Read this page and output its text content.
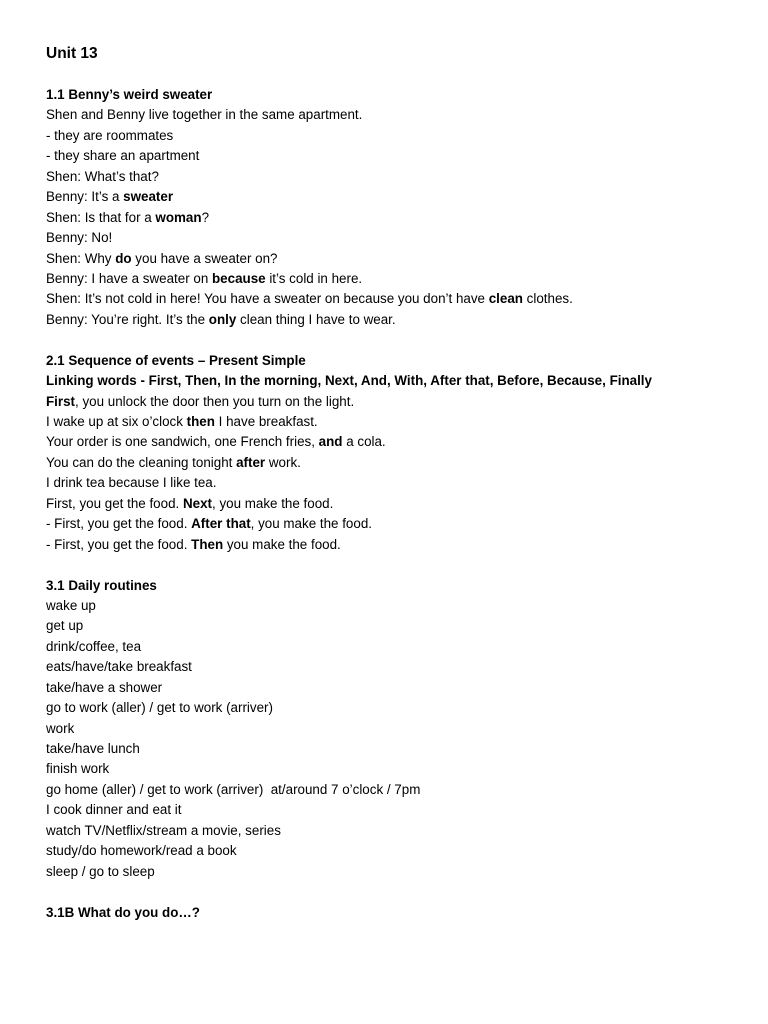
Unit 13
1.1 Benny’s weird sweater
Shen and Benny live together in the same apartment.
- they are roommates
- they share an apartment
Shen: What’s that?
Benny: It’s a sweater
Shen: Is that for a woman?
Benny: No!
Shen: Why do you have a sweater on?
Benny: I have a sweater on because it’s cold in here.
Shen: It’s not cold in here! You have a sweater on because you don’t have clean clothes.
Benny: You’re right. It’s the only clean thing I have to wear.
2.1 Sequence of events – Present Simple
Linking words - First, Then, In the morning, Next, And, With, After that, Before, Because, Finally
First, you unlock the door then you turn on the light.
I wake up at six o’clock then I have breakfast.
Your order is one sandwich, one French fries, and a cola.
You can do the cleaning tonight after work.
I drink tea because I like tea.
First, you get the food. Next, you make the food.
- First, you get the food. After that, you make the food.
- First, you get the food. Then you make the food.
3.1 Daily routines
wake up
get up
drink/coffee, tea
eats/have/take breakfast
take/have a shower
go to work (aller) / get to work (arriver)
work
take/have lunch
finish work
go home (aller) / get to work (arriver)  at/around 7 o’clock / 7pm
I cook dinner and eat it
watch TV/Netflix/stream a movie, series
study/do homework/read a book
sleep / go to sleep
3.1B What do you do…?
